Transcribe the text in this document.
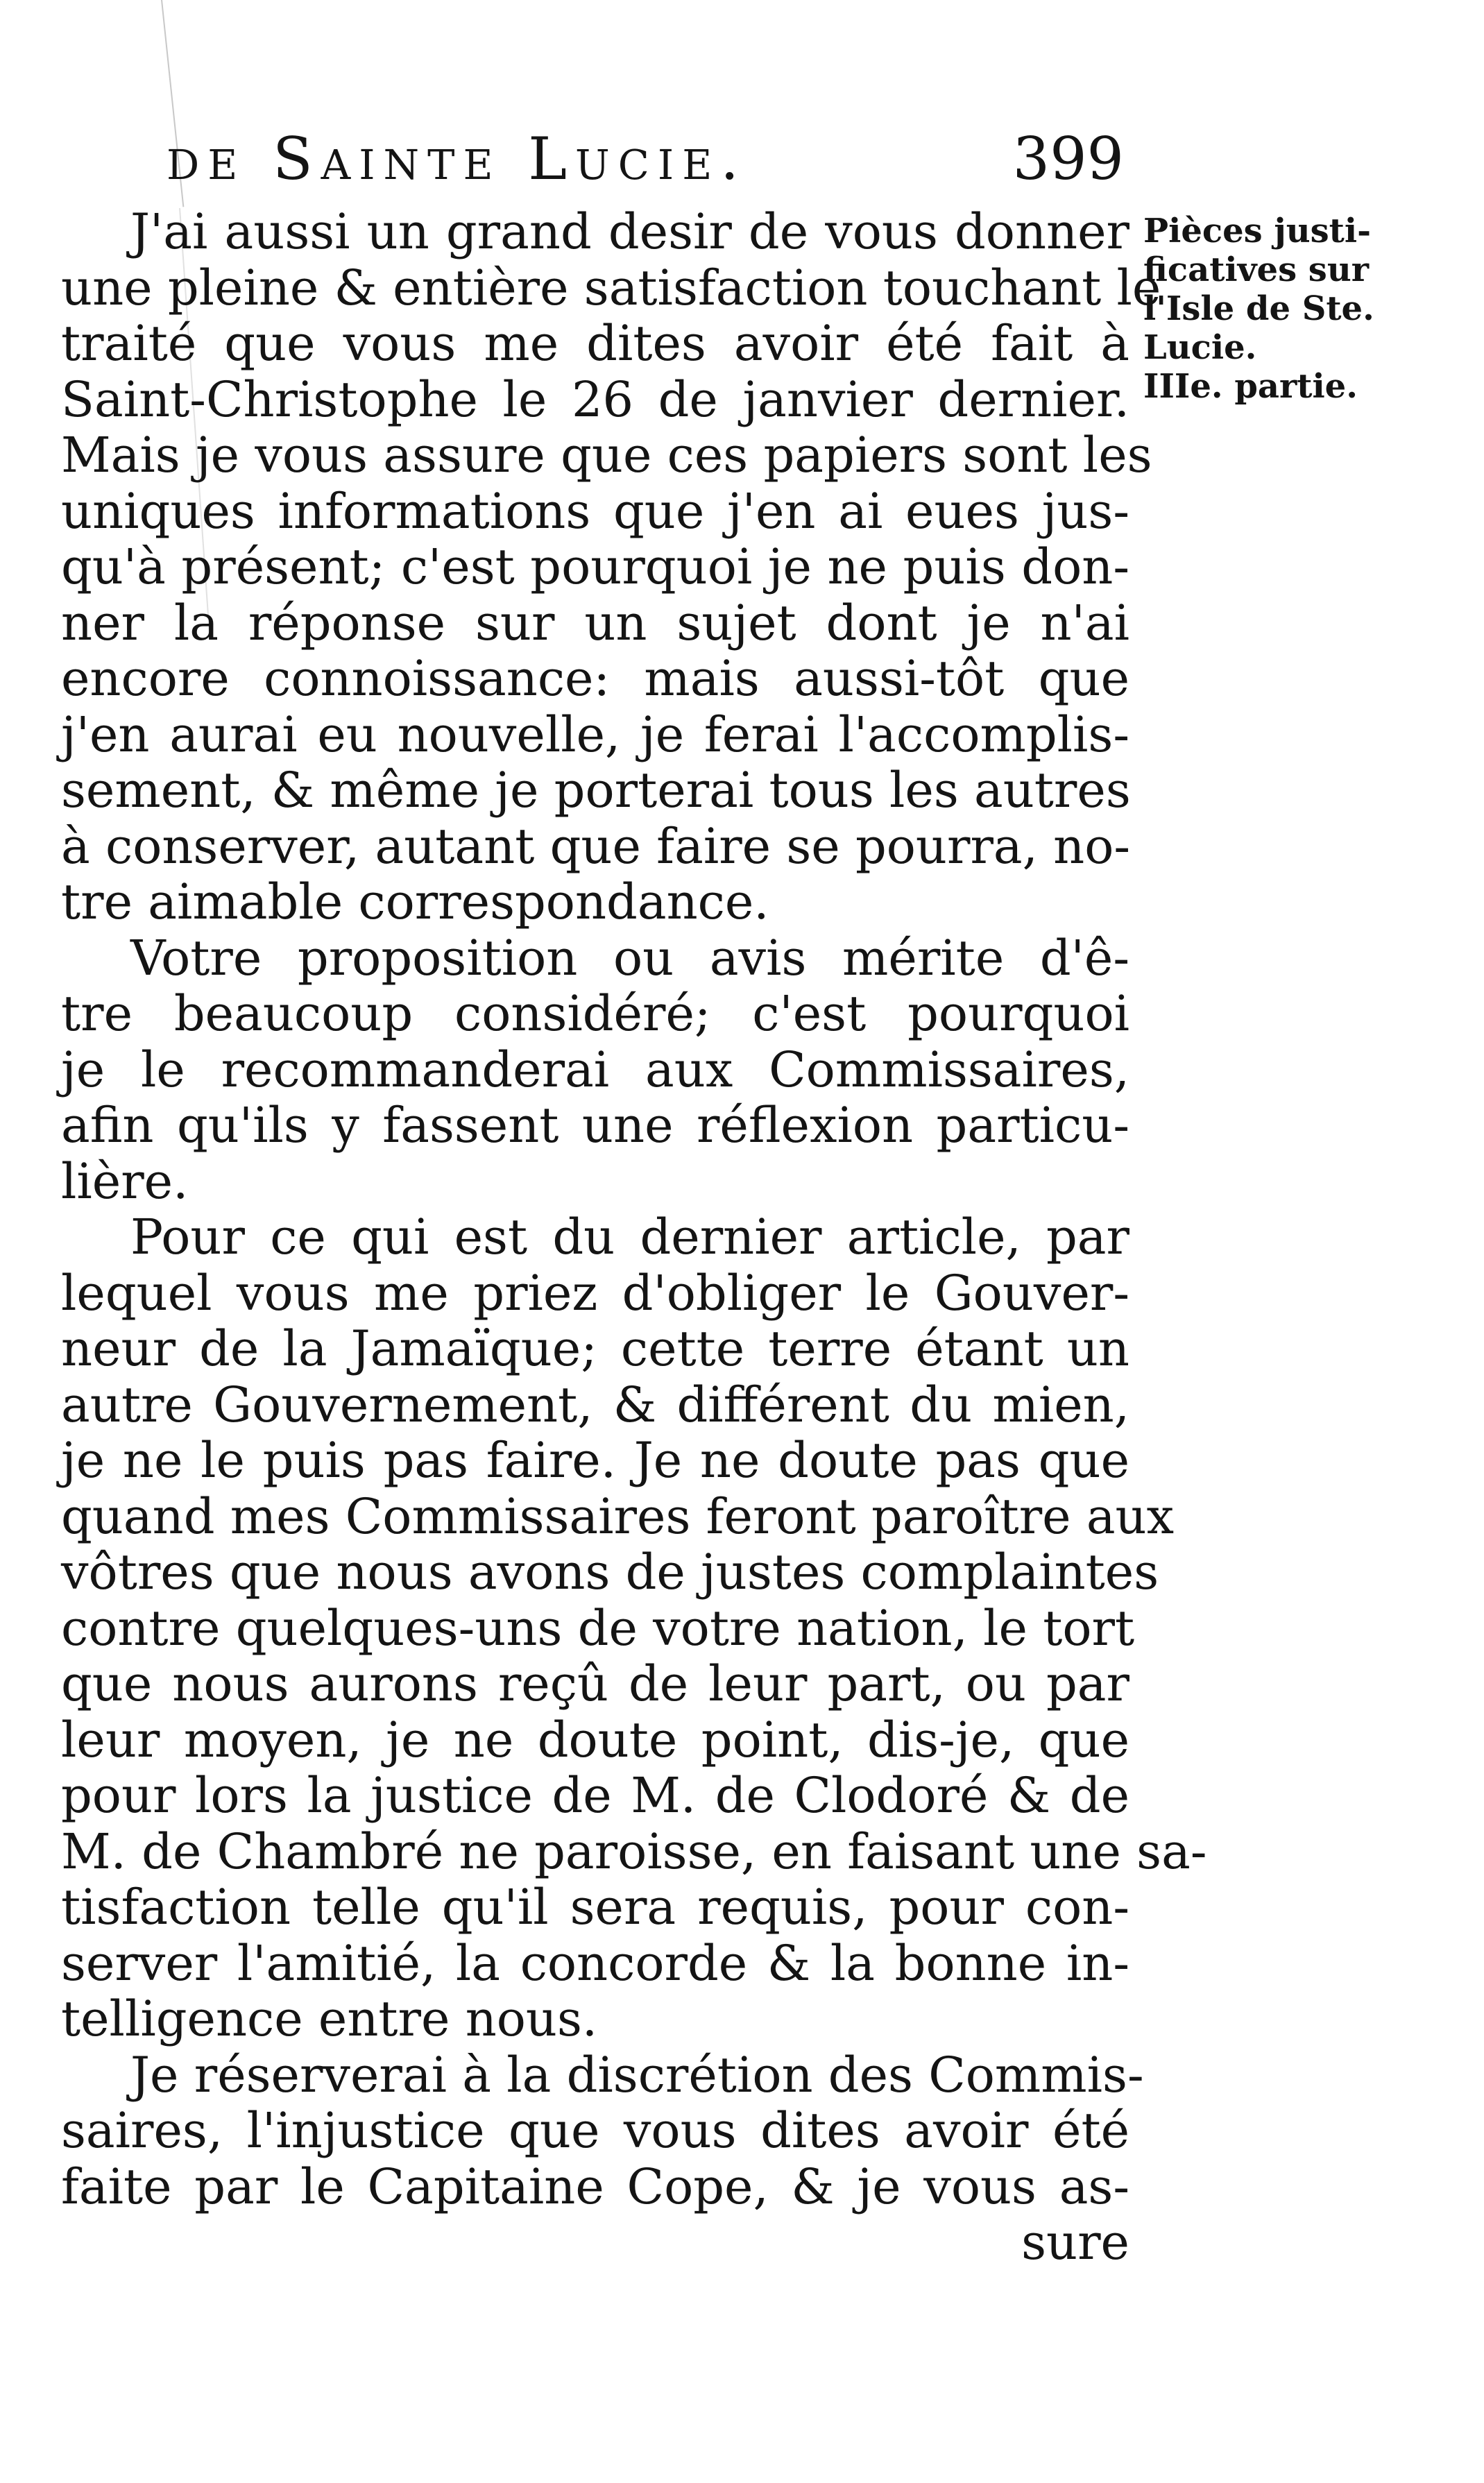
de Sainte Lucie.	399
J'ai aussi un grand desir de vous donner
une pleine & entière satisfaction touchant le
traité que vous me dites avoir été fait à
Saint-Christophe le 26 de janvier dernier.
Mais je vous assure que ces papiers sont les
uniques informations que j'en ai eues jus-
qu'à présent; c'est pourquoi je ne puis don-
ner la réponse sur un sujet dont je n'ai
encore connoissance: mais aussi-tôt que
j'en aurai eu nouvelle, je ferai l'accomplis-
sement, & même je porterai tous les autres
à conserver, autant que faire se pourra, no-
tre aimable correspondance.
Votre proposition ou avis mérite d'ê-
tre beaucoup considéré; c'est pourquoi
je le recommanderai aux Commissaires,
afin qu'ils y fassent une réflexion particu-
lière.
Pour ce qui est du dernier article, par
lequel vous me priez d'obliger le Gouver-
neur de la Jamaïque; cette terre étant un
autre Gouvernement, & différent du mien,
je ne le puis pas faire. Je ne doute pas que
quand mes Commissaires feront paroître aux
vôtres que nous avons de justes complaintes
contre quelques-uns de votre nation, le tort
que nous aurons reçû de leur part, ou par
leur moyen, je ne doute point, dis-je, que
pour lors la justice de M. de Clodoré & de
M. de Chambré ne paroisse, en faisant une sa-
tisfaction telle qu'il sera requis, pour con-
server l'amitié, la concorde & la bonne in-
telligence entre nous.
Je réserverai à la discrétion des Commis-
saires, l'injustice que vous dites avoir été
faite par le Capitaine Cope, & je vous as-
sure
Pièces justi-
ficatives sur
l'Isle de Ste.
Lucie.
IIIe. partie.
